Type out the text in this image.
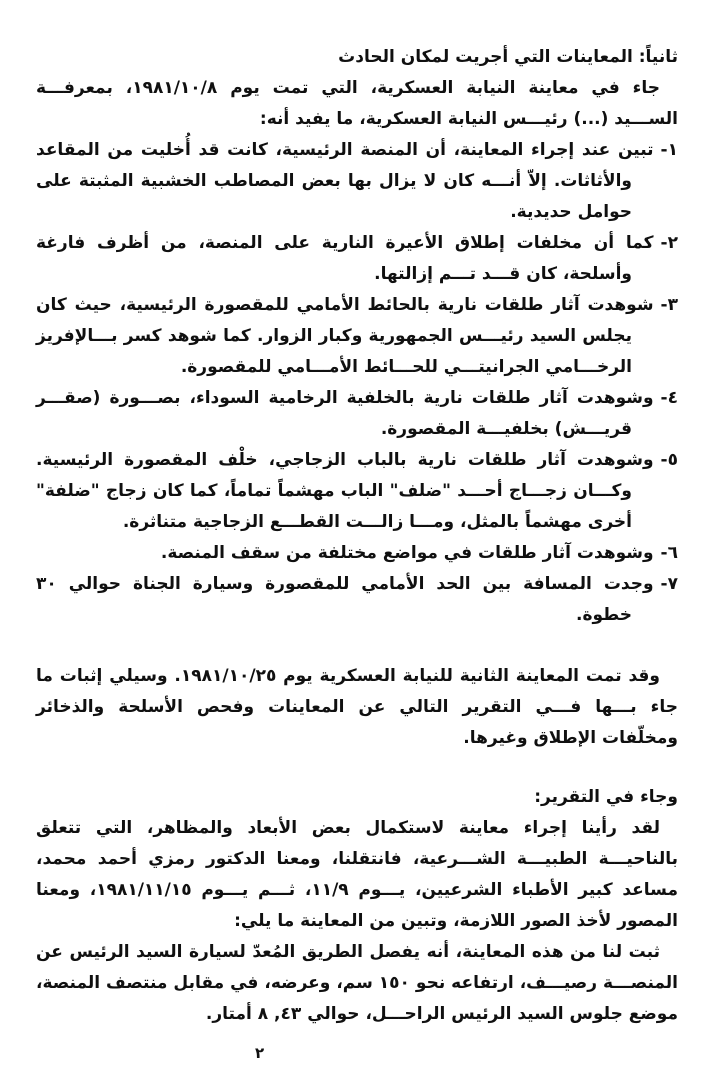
ثانياً: المعاينات التي أجريت لمكان الحادث
جاء في معاينة النيابة العسكرية، التي تمت يوم ١٩٨١/١٠/٨، بمعرفـــة الســـيد (...) رئيـــس النيابة العسكرية، ما يفيد أنه:
١-تبين عند إجراء المعاينة، أن المنصة الرئيسية، كانت قد أُخليت من المقاعد والأثاثات. إلاّ أنـــه كان لا يزال بها بعض المصاطب الخشبية المثبتة على حوامل حديدية.
٢-كما أن مخلفات إطلاق الأعيرة النارية على المنصة، من أظرف فارغة وأسلحة، كان قـــد تـــم إزالتها.
٣-شوهدت آثار طلقات نارية بالحائط الأمامي للمقصورة الرئيسية، حيث كان يجلس السيد رئيـــس الجمهورية وكبار الزوار. كما شوهد كسر بـــالإفريز الرخـــامي الجرانيتـــي للحـــائط الأمـــامي للمقصورة.
٤-وشوهدت آثار طلقات نارية بالخلفية الرخامية السوداء، بصـــورة (صقـــر قريـــش) بخلفيـــة المقصورة.
٥-وشوهدت آثار طلقات نارية بالباب الزجاجي، خلْف المقصورة الرئيسية. وكـــان زجـــاج أحـــد "ضلف" الباب مهشماً تماماً، كما كان زجاج "ضلفة" أخرى مهشماً بالمثل، ومـــا زالـــت القطـــع الزجاجية متناثرة.
٦-وشوهدت آثار طلقات في مواضع مختلفة من سقف المنصة.
٧-وجدت المسافة بين الحد الأمامي للمقصورة وسيارة الجناة حوالي ٣٠ خطوة.
وقد تمت المعاينة الثانية للنيابة العسكرية يوم ١٩٨١/١٠/٢٥. وسيلي إثبات ما جاء بـــها فـــي التقرير التالي عن المعاينات وفحص الأسلحة والذخائر ومخلّفات الإطلاق وغيرها.
وجاء في التقرير:
لقد رأينا إجراء معاينة لاستكمال بعض الأبعاد والمظاهر، التي تتعلق بالناحيـــة الطبيـــة الشـــرعية، فانتقلنا، ومعنا الدكتور رمزي أحمد محمد، مساعد كبير الأطباء الشرعيين، يـــوم ١١/٩، ثـــم يـــوم ١٩٨١/١١/١٥، ومعنا المصور لأخذ الصور اللازمة، وتبين من المعاينة ما يلي:
ثبت لنا من هذه المعاينة، أنه يفصل الطريق المُعدّ لسيارة السيد الرئيس عن المنصـــة رصيـــف، ارتفاعه نحو ١٥٠ سم، وعرضه، في مقابل منتصف المنصة، موضع جلوس السيد الرئيس الراحـــل، حوالي ٤٣, ٨ أمتار.
٢
